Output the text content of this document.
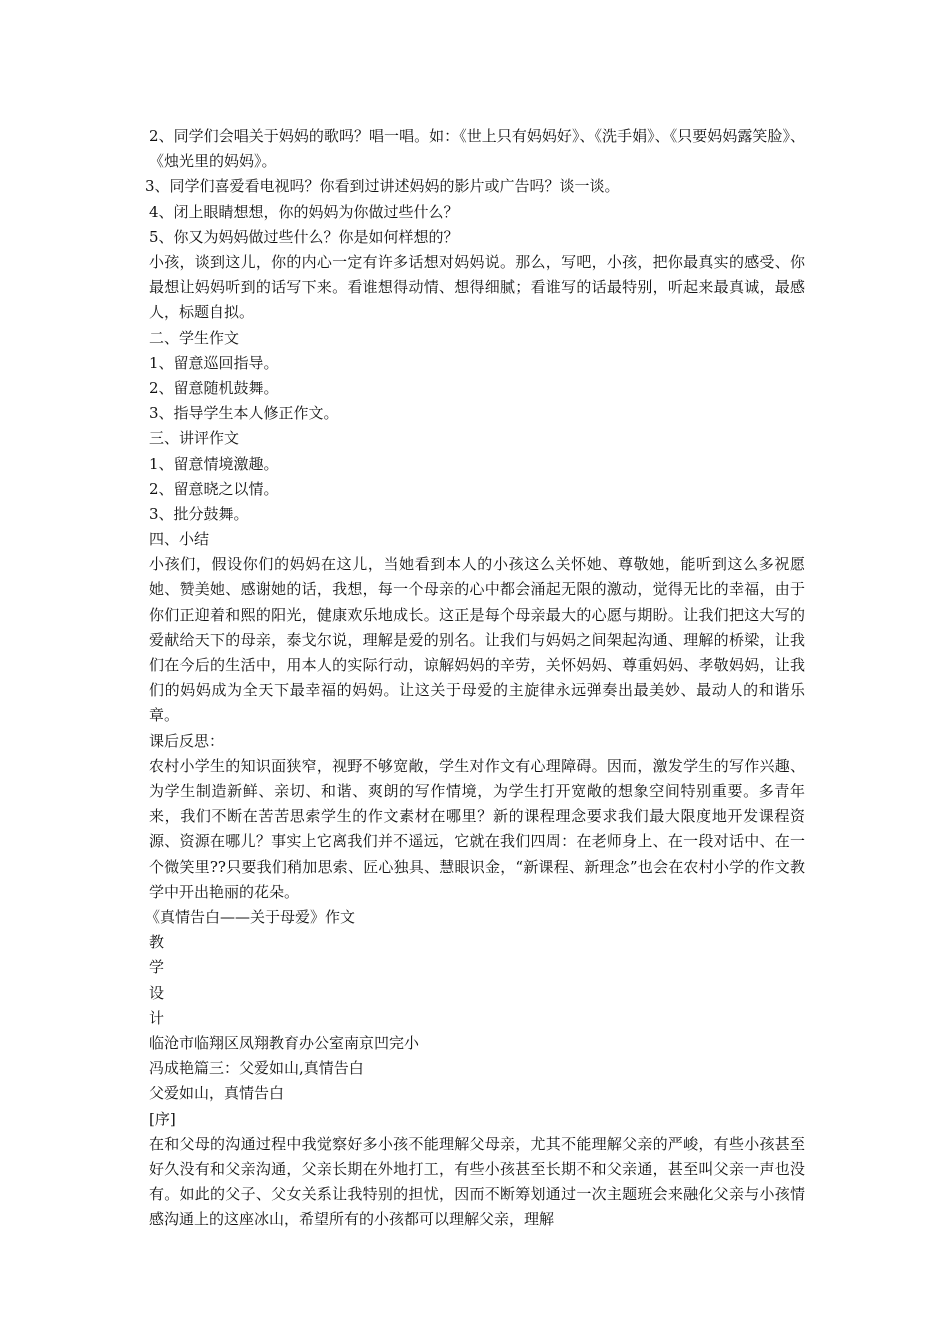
2、同学们会唱关于妈妈的歌吗？唱一唱。如：《世上只有妈妈好》、《洗手娟》、《只要妈妈露笑脸》、《烛光里的妈妈》。
3、同学们喜爱看电视吗？你看到过讲述妈妈的影片或广告吗？谈一谈。
4、闭上眼睛想想，你的妈妈为你做过些什么？
5、你又为妈妈做过些什么？你是如何样想的？
小孩，谈到这儿，你的内心一定有许多话想对妈妈说。那么，写吧，小孩，把你最真实的感受、你最想让妈妈听到的话写下来。看谁想得动情、想得细腻；看谁写的话最特别，听起来最真诚，最感人，标题自拟。
二、学生作文
1、留意巡回指导。
2、留意随机鼓舞。
3、指导学生本人修正作文。
三、讲评作文
1、留意情境激趣。
2、留意晓之以情。
3、批分鼓舞。
四、小结
小孩们，假设你们的妈妈在这儿，当她看到本人的小孩这么关怀她、尊敬她，能听到这么多祝愿她、赞美她、感谢她的话，我想，每一个母亲的心中都会涌起无限的激动，觉得无比的幸福，由于你们正迎着和熙的阳光，健康欢乐地成长。这正是每个母亲最大的心愿与期盼。让我们把这大写的爱献给天下的母亲，泰戈尔说，理解是爱的别名。让我们与妈妈之间架起沟通、理解的桥梁，让我们在今后的生活中，用本人的实际行动，谅解妈妈的辛劳，关怀妈妈、尊重妈妈、孝敬妈妈，让我们的妈妈成为全天下最幸福的妈妈。让这关于母爱的主旋律永远弹奏出最美妙、最动人的和谐乐章。
课后反思：
农村小学生的知识面狭窄，视野不够宽敞，学生对作文有心理障碍。因而，激发学生的写作兴趣、为学生制造新鲜、亲切、和谐、爽朗的写作情境，为学生打开宽敞的想象空间特别重要。多青年来，我们不断在苦苦思索学生的作文素材在哪里？新的课程理念要求我们最大限度地开发课程资源、资源在哪儿？事实上它离我们并不遥远，它就在我们四周：在老师身上、在一段对话中、在一个微笑里??只要我们稍加思索、匠心独具、慧眼识金，“新课程、新理念”也会在农村小学的作文教学中开出艳丽的花朵。
《真情告白——关于母爱》作文
教
学
设
计
临沧市临翔区凤翔教育办公室南京凹完小
冯成艳篇三：父爱如山,真情告白
父爱如山，真情告白
[序]
在和父母的沟通过程中我觉察好多小孩不能理解父母亲，尤其不能理解父亲的严峻，有些小孩甚至好久没有和父亲沟通，父亲长期在外地打工，有些小孩甚至长期不和父亲通，甚至叫父亲一声也没有。如此的父子、父女关系让我特别的担忧，因而不断筹划通过一次主题班会来融化父亲与小孩情感沟通上的这座冰山，希望所有的小孩都可以理解父亲，理解
